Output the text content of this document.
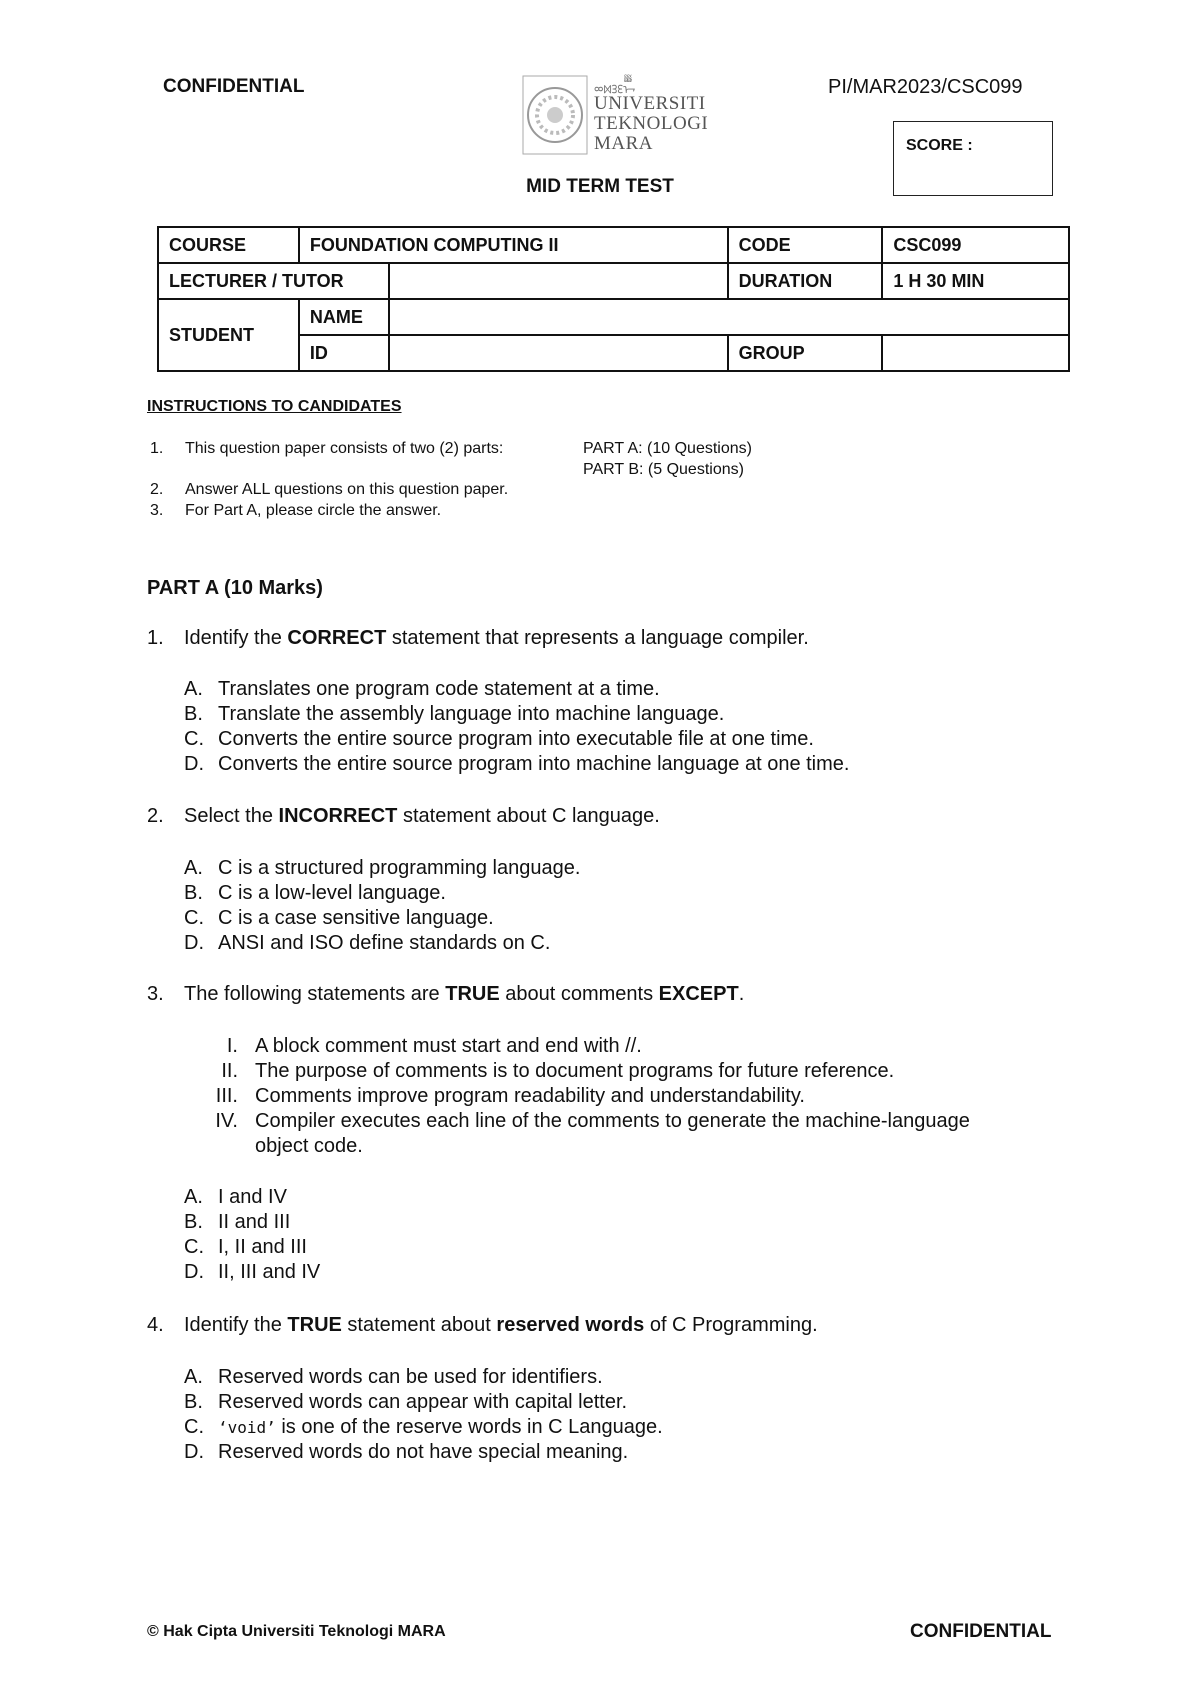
CONFIDENTIAL	PI/MAR2023/CSC099
ᢁᢂᢃᢄᢅᢆᢇ
UNIVERSITI
TEKNOLOGI
MARA	SCORE :
MID TERM TEST
COURSE	FOUNDATION COMPUTING II		CODE	CSC099
LECTURER / TUTOR			DURATION	1 H 30 MIN
STUDENT	NAME			
	ID		GROUP	
INSTRUCTIONS TO CANDIDATES
1. This question paper consists of two (2) parts:	PART A: (10 Questions)
PART B: (5 Questions)
2. Answer ALL questions on this question paper.
3. For Part A, please circle the answer.
PART A (10 Marks)
1. Identify the CORRECT statement that represents a language compiler.
A. Translates one program code statement at a time.
B. Translate the assembly language into machine language.
C. Converts the entire source program into executable file at one time.
D. Converts the entire source program into machine language at one time.
2. Select the INCORRECT statement about C language.
A. C is a structured programming language.
B. C is a low-level language.
C. C is a case sensitive language.
D. ANSI and ISO define standards on C.
3. The following statements are TRUE about comments EXCEPT.
I. A block comment must start and end with //.
II. The purpose of comments is to document programs for future reference.
III. Comments improve program readability and understandability.
IV. Compiler executes each line of the comments to generate the machine-language
object code.
A. I and IV
B. II and III
C. I, II and III
D. II, III and IV
4. Identify the TRUE statement about reserved words of C Programming.
A. Reserved words can be used for identifiers.
B. Reserved words can appear with capital letter.
C. ‘void’ is one of the reserve words in C Language.
D. Reserved words do not have special meaning.
© Hak Cipta Universiti Teknologi MARA	CONFIDENTIAL
